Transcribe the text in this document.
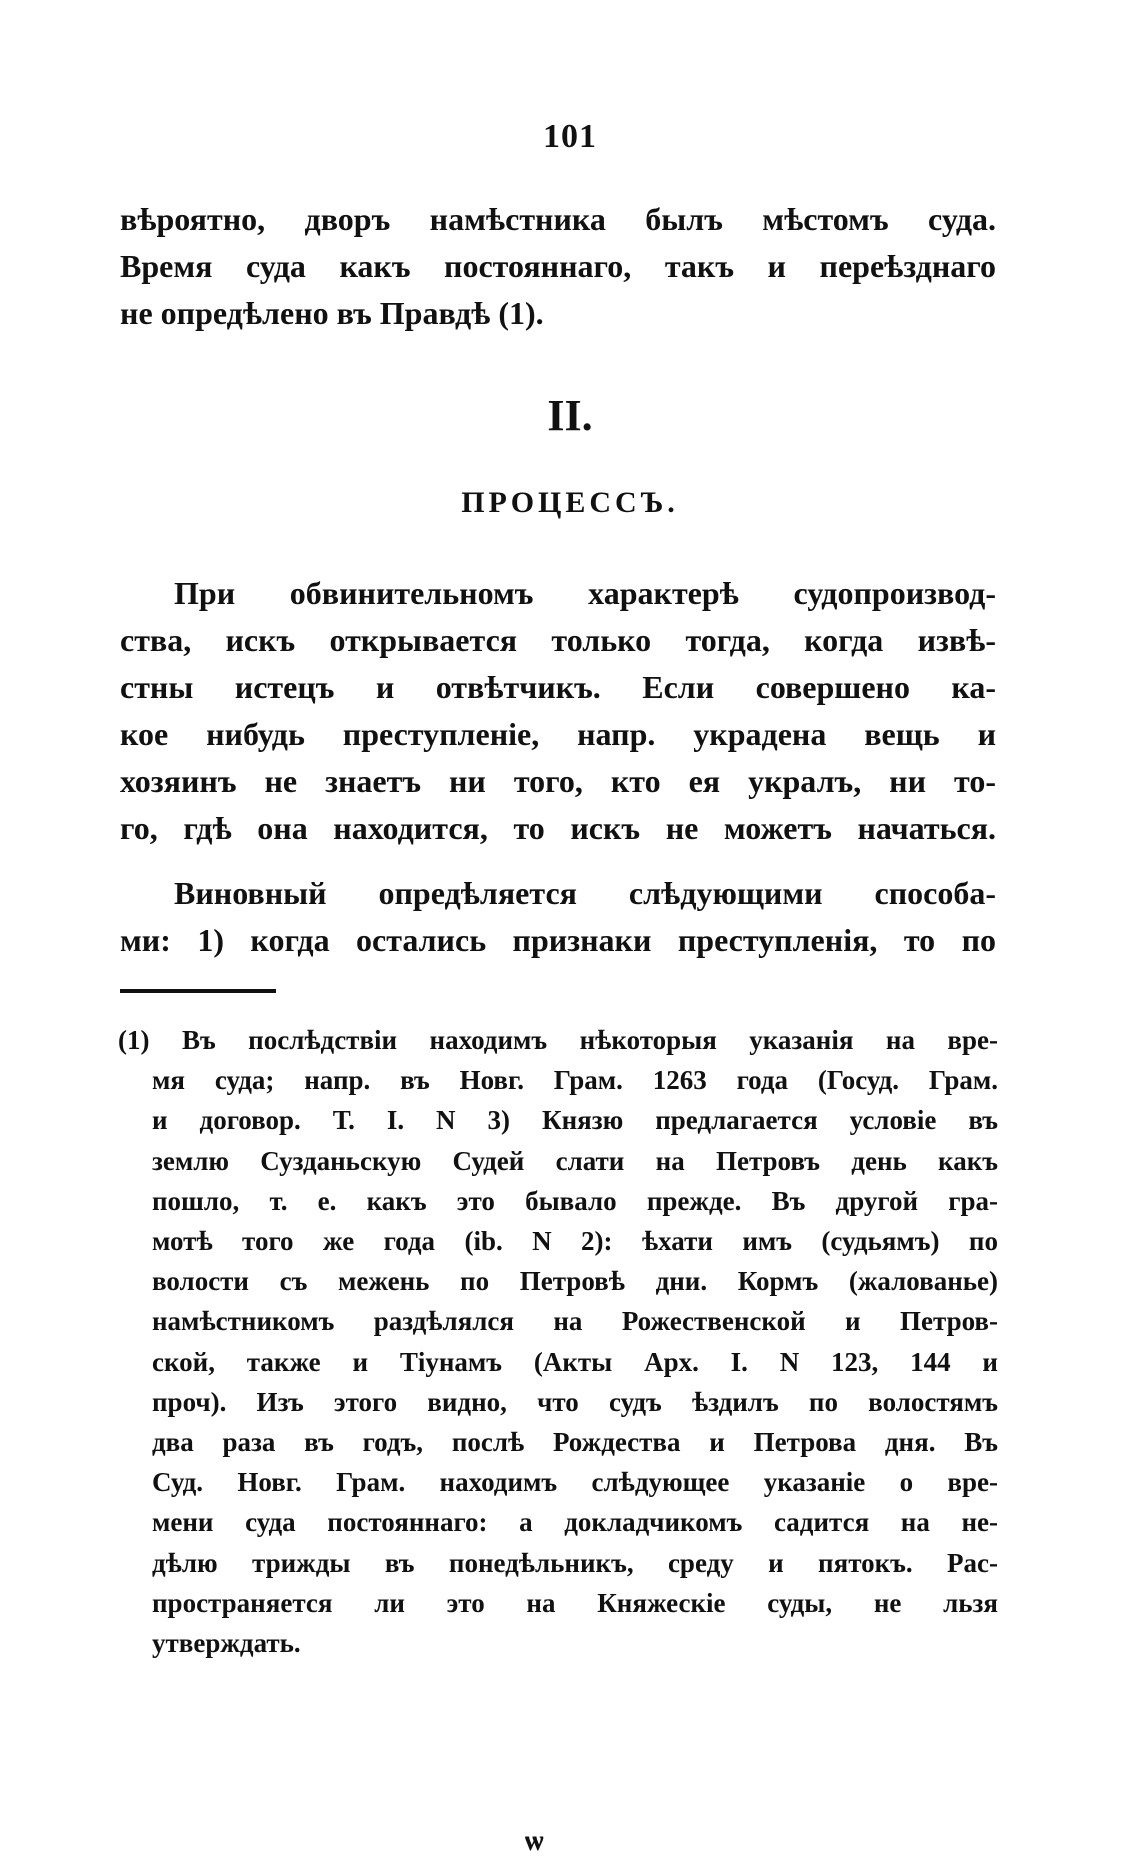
101
вѣроятно, дворъ намѣстника былъ мѣстомъ суда.
Время суда какъ постояннаго, такъ и переѣзднаго
не опредѣлено въ Правдѣ (1).
II.
ПРОЦЕССЪ.
При обвинительномъ характерѣ судопроизвод-
ства, искъ открывается только тогда, когда извѣ-
стны истецъ и отвѣтчикъ. Если совершено ка-
кое нибудь преступленіе, напр. украдена вещь и
хозяинъ не знаетъ ни того, кто ея укралъ, ни то-
го, гдѣ она находится, то искъ не можетъ начаться.
Виновный опредѣляется слѣдующими способа-
ми: 1) когда остались признаки преступленія, то по
(1) Въ послѣдствіи находимъ нѣкоторыя указанія на вре-
мя суда; напр. въ Новг. Грам. 1263 года (Госуд. Грам.
и договор. Т. I. N 3) Князю предлагается условіе въ
землю Сузданьскую Судей слати на Петровъ день какъ
пошло, т. е. какъ это бывало прежде. Въ другой гра-
мотѣ того же года (ib. N 2): ѣхати имъ (судьямъ) по
волости съ межень по Петровѣ дни. Кормъ (жалованье)
намѣстникомъ раздѣлялся на Рожественской и Петров-
ской, также и Тіунамъ (Акты Арх. I. N 123, 144 и
проч). Изъ этого видно, что судъ ѣздилъ по волостямъ
два раза въ годъ, послѣ Рождества и Петрова дня. Въ
Суд. Новг. Грам. находимъ слѣдующее указаніе о вре-
мени суда постояннаго: а докладчикомъ садится на не-
дѣлю трижды въ понедѣльникъ, среду и пятокъ. Рас-
пространяется ли это на Княжескіе суды, не льзя
утверждать.
ѡ
